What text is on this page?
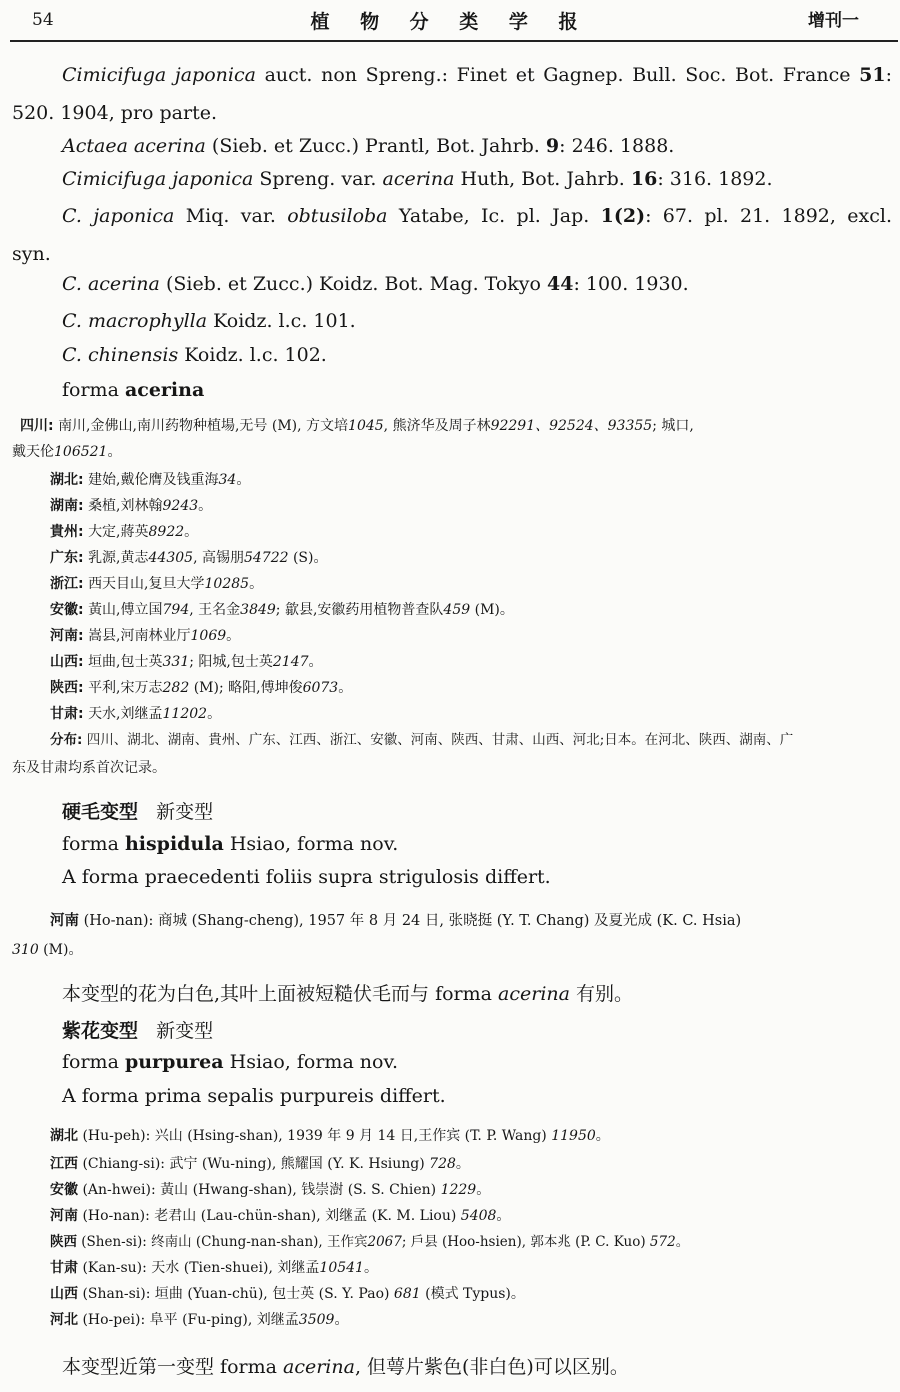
54	植 物 分 类 学 报	增刊一
Cimicifuga japonica auct. non Spreng.: Finet et Gagnep. Bull. Soc. Bot. France 51:
520. 1904, pro parte.
Actaea acerina (Sieb. et Zucc.) Prantl, Bot. Jahrb. 9: 246. 1888.
Cimicifuga japonica Spreng. var. acerina Huth, Bot. Jahrb. 16: 316. 1892.
C. japonica Miq. var. obtusiloba Yatabe, Ic. pl. Jap. 1(2): 67. pl. 21. 1892, excl.
syn.
C. acerina (Sieb. et Zucc.) Koidz. Bot. Mag. Tokyo 44: 100. 1930.
C. macrophylla Koidz. l.c. 101.
C. chinensis Koidz. l.c. 102.
forma acerina
四川: 南川,金佛山,南川药物种植場,无号 (M), 方文培1045, 熊济华及周子林92291、92524、93355; 城口,
戴天伦106521。
湖北: 建始,戴伦膺及钱重海34。
湖南: 桑植,刘林翰9243。
貴州: 大定,蔣英8922。
广东: 乳源,黄志44305, 高锡朋54722 (S)。
浙江: 西天目山,复旦大学10285。
安徽: 黃山,傅立国794, 王名金3849; 歙县,安徽药用植物普查队459 (M)。
河南: 嵩县,河南林业厅1069。
山西: 垣曲,包士英331; 阳城,包士英2147。
陕西: 平利,宋万志282 (M); 略阳,傅坤俊6073。
甘肃: 天水,刘继孟11202。
分布: 四川、湖北、湖南、貴州、广东、江西、浙江、安徽、河南、陕西、甘肃、山西、河北;日本。在河北、陕西、湖南、广
东及甘肃均系首次记录。
硬毛变型 新变型
forma hispidula Hsiao, forma nov.
A forma praecedenti foliis supra strigulosis differt.
河南 (Ho-nan): 商城 (Shang-cheng), 1957 年 8 月 24 日, 张晓挺 (Y. T. Chang) 及夏光成 (K. C. Hsia)
310 (M)。
本变型的花为白色,其叶上面被短糙伏毛而与 forma acerina 有别。
紫花变型 新变型
forma purpurea Hsiao, forma nov.
A forma prima sepalis purpureis differt.
湖北 (Hu-peh): 兴山 (Hsing-shan), 1939 年 9 月 14 日,王作宾 (T. P. Wang) 11950。
江西 (Chiang-si): 武宁 (Wu-ning), 熊耀国 (Y. K. Hsiung) 728。
安徽 (An-hwei): 黃山 (Hwang-shan), 钱崇澍 (S. S. Chien) 1229。
河南 (Ho-nan): 老君山 (Lau-chün-shan), 刘继孟 (K. M. Liou) 5408。
陕西 (Shen-si): 终南山 (Chung-nan-shan), 王作宾2067; 戶县 (Hoo-hsien), 郭本兆 (P. C. Kuo) 572。
甘肃 (Kan-su): 天水 (Tien-shuei), 刘继孟10541。
山西 (Shan-si): 垣曲 (Yuan-chü), 包士英 (S. Y. Pao) 681 (模式 Typus)。
河北 (Ho-pei): 阜平 (Fu-ping), 刘继孟3509。
本变型近第一变型 forma acerina, 但萼片紫色(非白色)可以区别。
